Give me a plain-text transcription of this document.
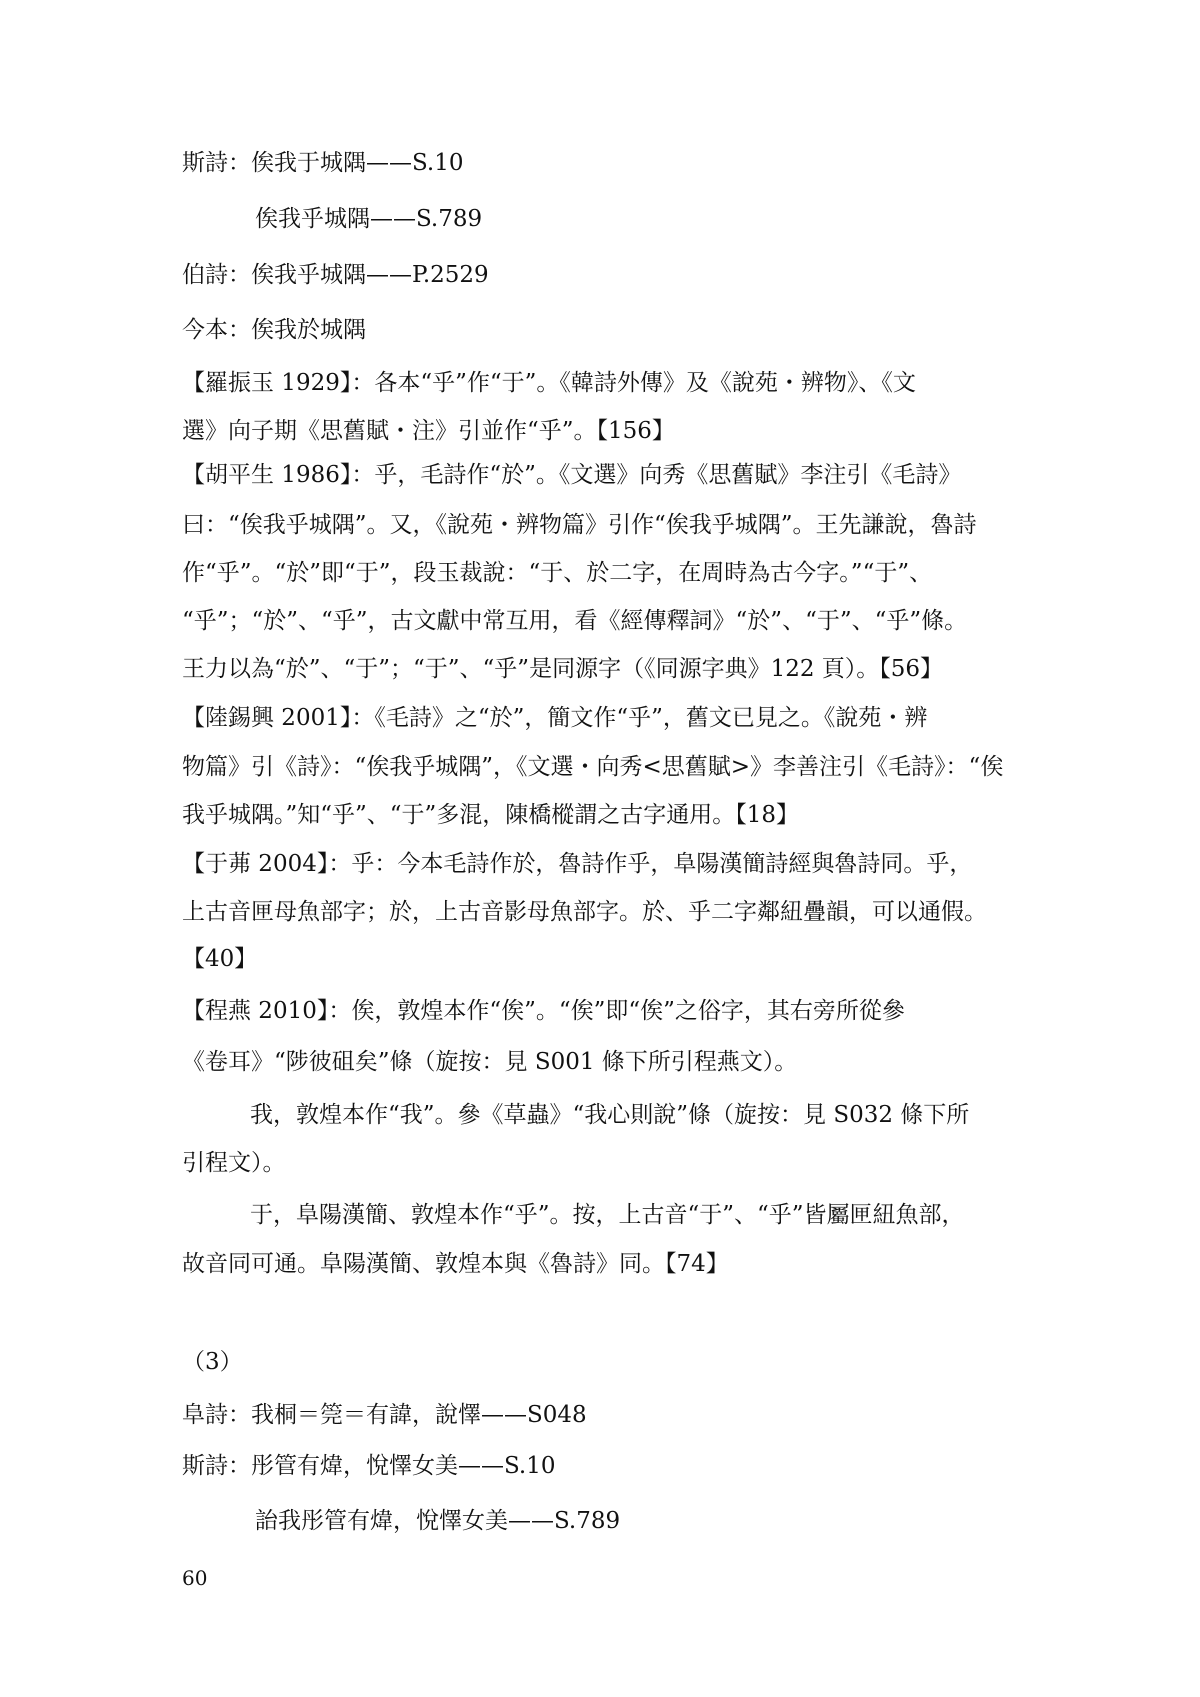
斯詩：俟我于城隅——S.10
俟我乎城隅——S.789
伯詩：俟我乎城隅——P.2529
今本：俟我於城隅
【羅振玉 1929】：各本“乎”作“于”。《韓詩外傳》及《說苑・辨物》、《文
選》向子期《思舊賦・注》引並作“乎”。【156】
【胡平生 1986】：乎，毛詩作“於”。《文選》向秀《思舊賦》李注引《毛詩》
曰：“俟我乎城隅”。又，《說苑・辨物篇》引作“俟我乎城隅”。王先謙說，魯詩
作“乎”。“於”即“于”，段玉裁說：“于、於二字，在周時為古今字。”“于”、
“乎”；“於”、“乎”，古文獻中常互用，看《經傳釋詞》“於”、“于”、“乎”條。
王力以為“於”、“于”；“于”、“乎”是同源字（《同源字典》122 頁）。【56】
【陸錫興 2001】：《毛詩》之“於”，簡文作“乎”，舊文已見之。《說苑・辨
物篇》引《詩》：“俟我乎城隅”，《文選・向秀<思舊賦>》李善注引《毛詩》：“俟
我乎城隅。”知“乎”、“于”多混，陳橋樅謂之古字通用。【18】
【于茀 2004】：乎：今本毛詩作於，魯詩作乎，阜陽漢簡詩經與魯詩同。乎，
上古音匣母魚部字；於，上古音影母魚部字。於、乎二字鄰紐疊韻，可以通假。
【40】
【程燕 2010】：俟，敦煌本作“俟”。“俟”即“俟”之俗字，其右旁所從參
《卷耳》“陟彼砠矣”條（旋按：見 S001 條下所引程燕文）。
我，敦煌本作“我”。參《草蟲》“我心則說”條（旋按：見 S032 條下所
引程文）。
于，阜陽漢簡、敦煌本作“乎”。按，上古音“于”、“乎”皆屬匣紐魚部，
故音同可通。阜陽漢簡、敦煌本與《魯詩》同。【74】
（3）
阜詩：我桐＝筦＝有諱，說懌——S048
斯詩：彤管有煒，悅懌女美——S.10
詒我彤管有煒，悅懌女美——S.789
60
